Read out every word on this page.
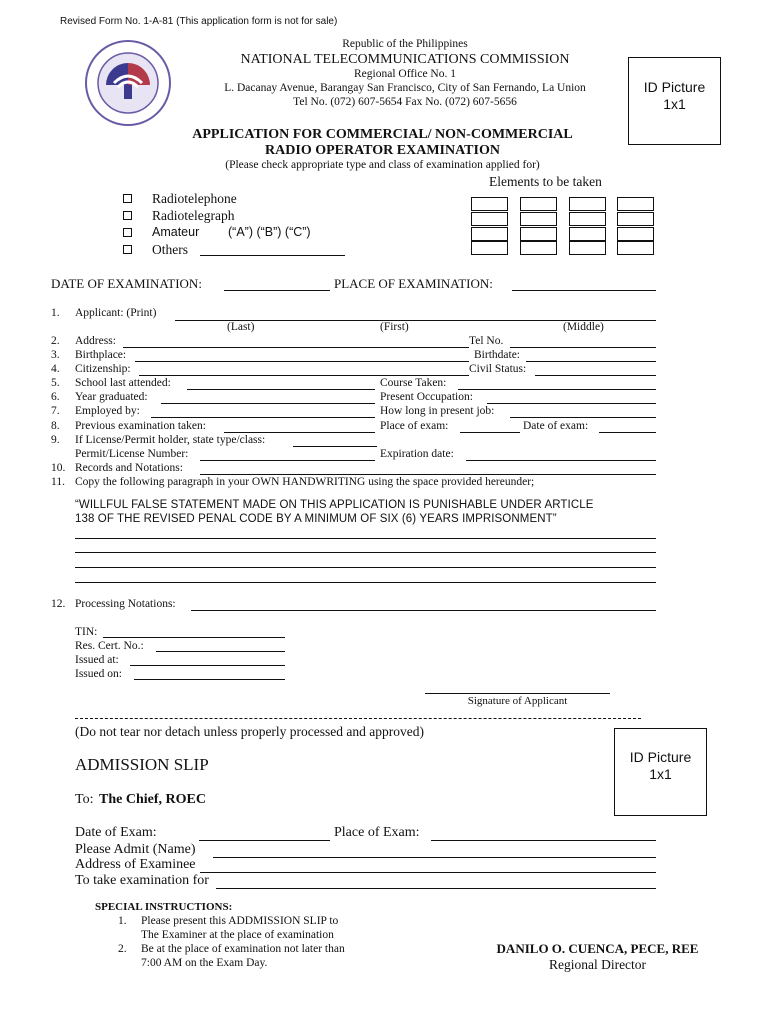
Revised Form No. 1-A-81 (This application form is not for sale)
Republic of the Philippines
NATIONAL TELECOMMUNICATIONS COMMISSION
Regional Office No. 1
L. Dacanay Avenue, Barangay San Francisco, City of San Fernando, La Union
Tel No. (072) 607-5654 Fax No. (072) 607-5656
ID Picture
1x1
APPLICATION FOR COMMERCIAL/ NON-COMMERCIAL
RADIO OPERATOR EXAMINATION
(Please check appropriate type and class of examination applied for)
Elements to be taken
Radiotelephone
Radiotelegraph
Amateur (“A”) (“B”) (“C”)
Others
DATE OF EXAMINATION:	PLACE OF EXAMINATION:
1. Applicant: (Print)
(Last)	(First)	(Middle)
2. Address:	Tel No.
3. Birthplace:	Birthdate:
4. Citizenship:	Civil Status:
5. School last attended:	Course Taken:
6. Year graduated:	Present Occupation:
7. Employed by:	How long in present job:
8. Previous examination taken:	Place of exam:	Date of exam:
9. If License/Permit holder, state type/class:
Permit/License Number:	Expiration date:
10. Records and Notations:
11. Copy the following paragraph in your OWN HANDWRITING using the space provided hereunder;
“WILLFUL FALSE STATEMENT MADE ON THIS APPLICATION IS PUNISHABLE UNDER ARTICLE
138 OF THE REVISED PENAL CODE BY A MINIMUM OF SIX (6) YEARS IMPRISONMENT”
12. Processing Notations:
TIN:
Res. Cert. No.:
Issued at:
Issued on:
Signature of Applicant
(Do not tear nor detach unless properly processed and approved)
ID Picture
1x1
ADMISSION SLIP
To: The Chief, ROEC
Date of Exam:	Place of Exam:
Please Admit (Name)
Address of Examinee
To take examination for
SPECIAL INSTRUCTIONS:
1. Please present this ADDMISSION SLIP to
The Examiner at the place of examination
2. Be at the place of examination not later than
7:00 AM on the Exam Day.
DANILO O. CUENCA, PECE, REE
Regional Director
